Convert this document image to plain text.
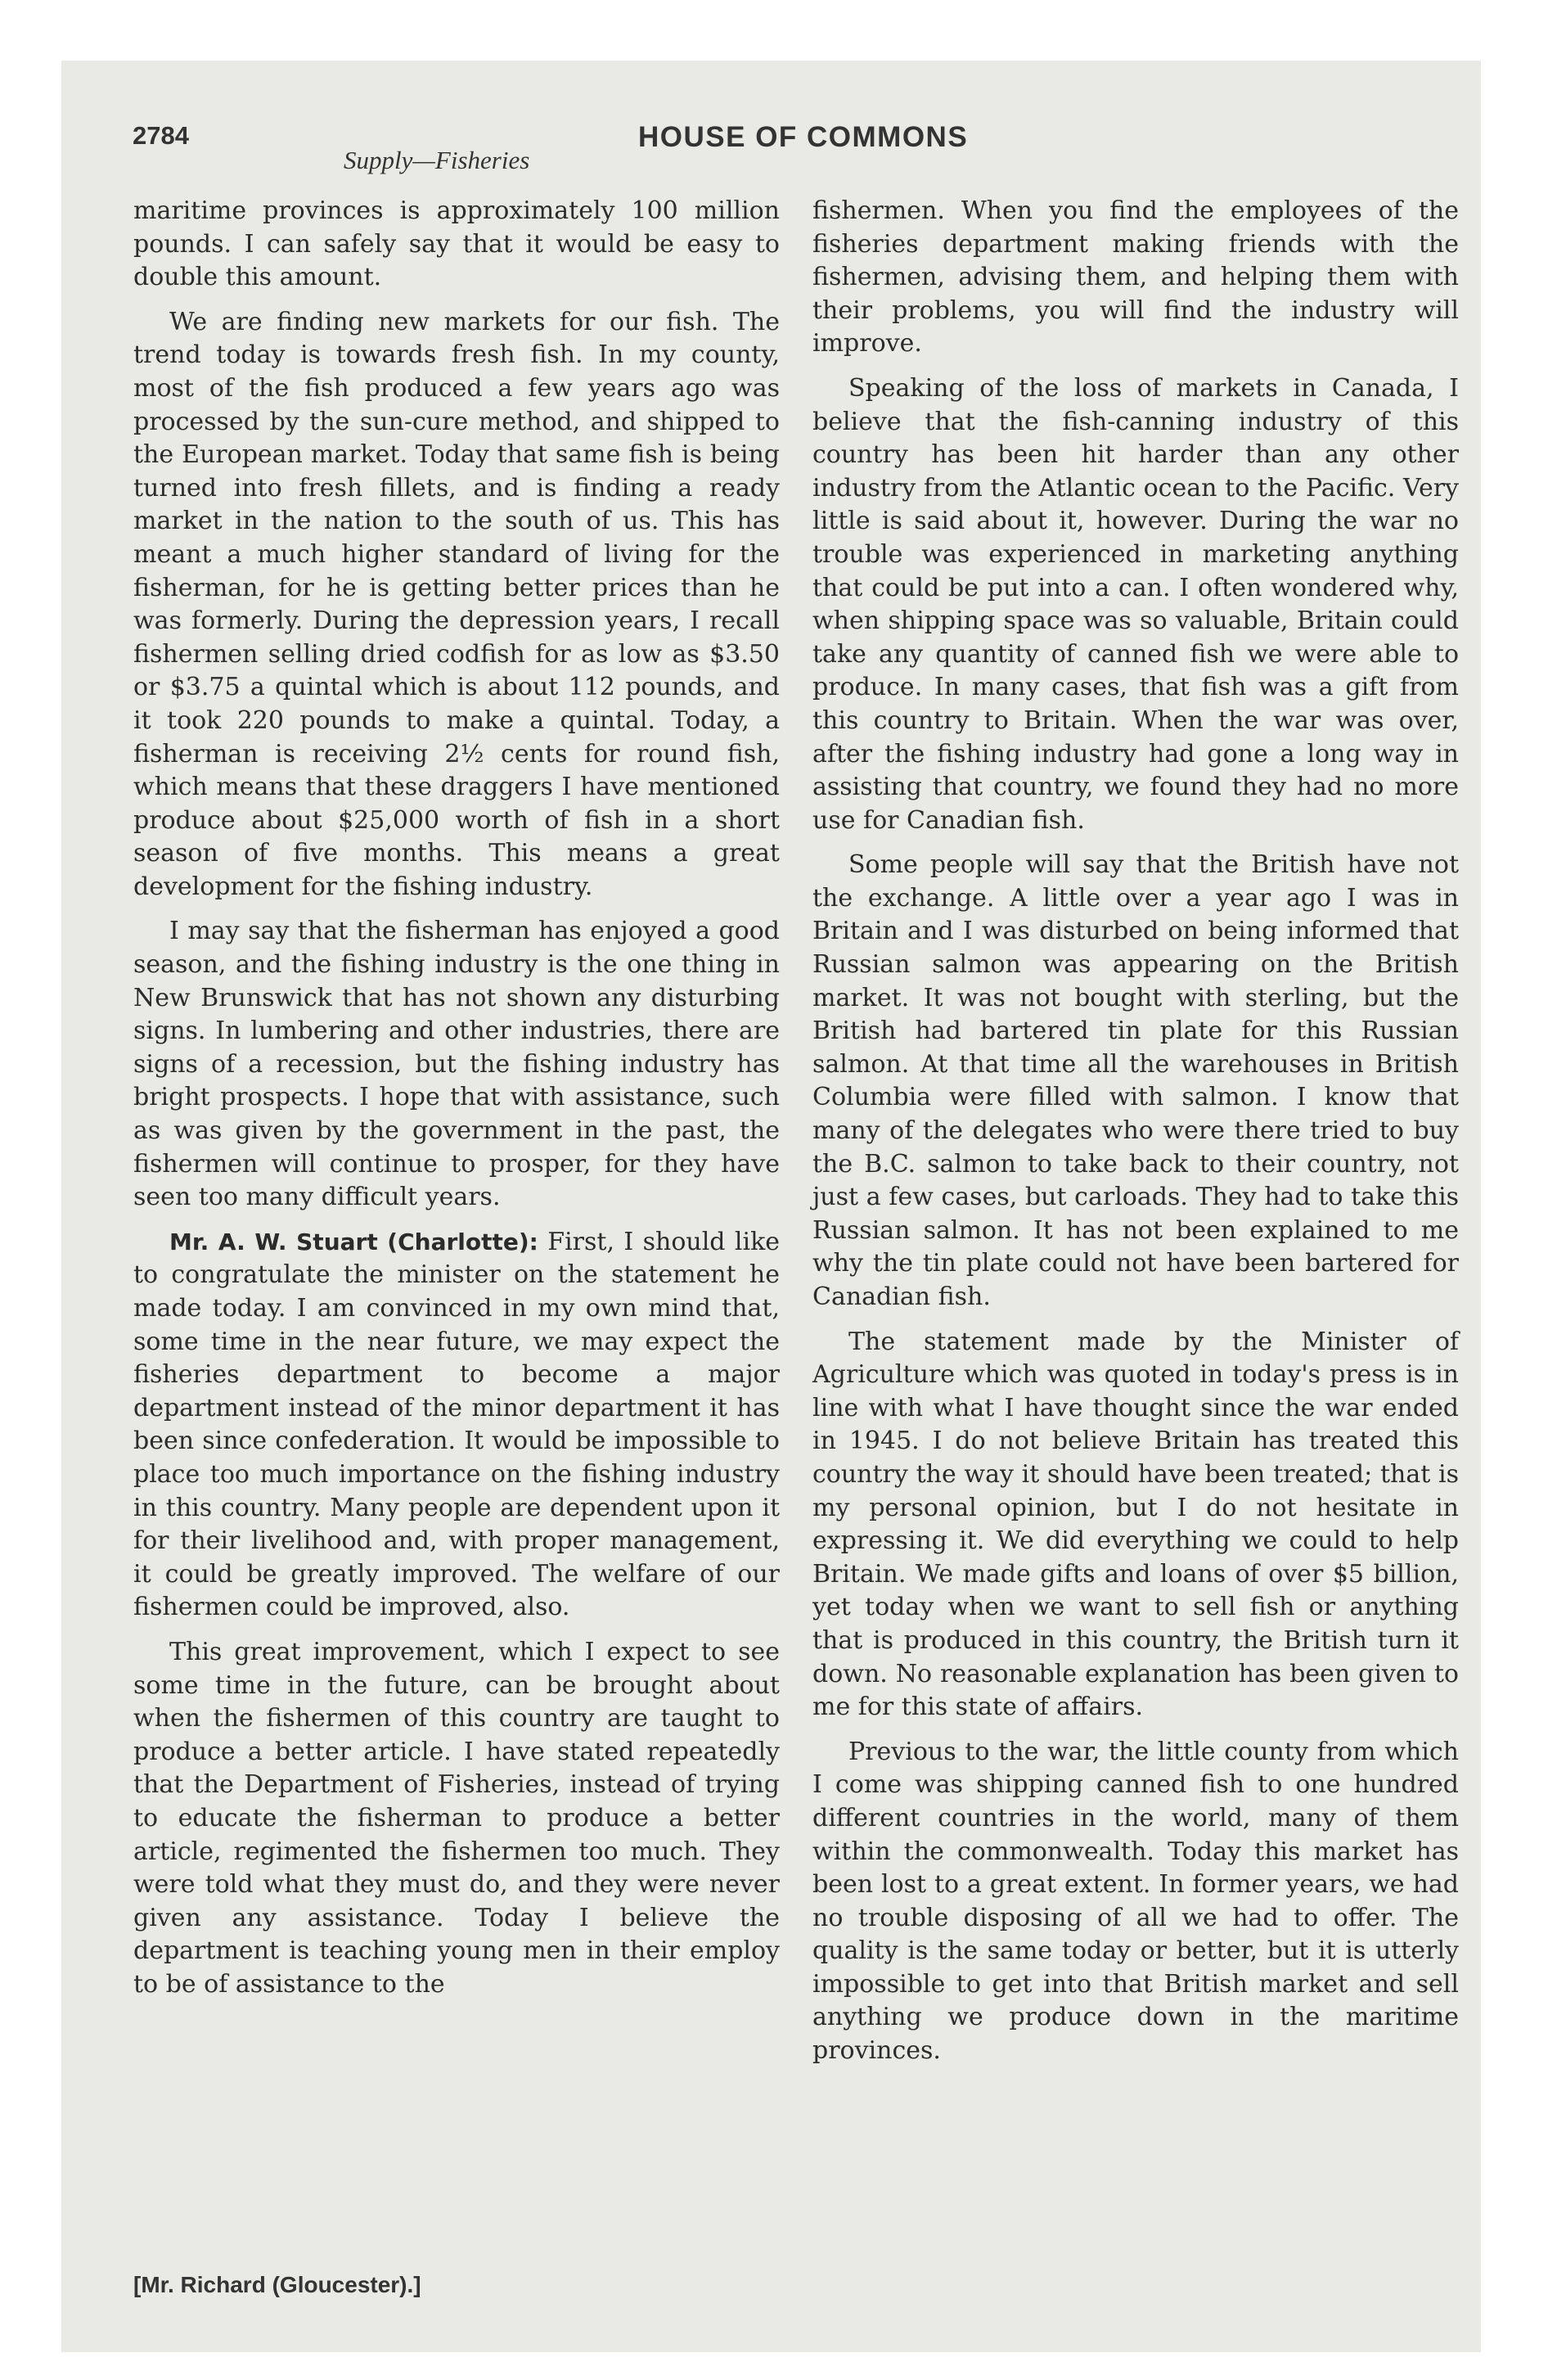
2784	HOUSE OF COMMONS
Supply—Fisheries

maritime provinces is approximately 100 million pounds. I can safely say that it would be easy to double this amount.

We are finding new markets for our fish. The trend today is towards fresh fish. In my county, most of the fish produced a few years ago was processed by the sun-cure method, and shipped to the European market. Today that same fish is being turned into fresh fillets, and is finding a ready market in the nation to the south of us. This has meant a much higher standard of living for the fisherman, for he is getting better prices than he was formerly. During the depression years, I recall fishermen selling dried codfish for as low as $3.50 or $3.75 a quintal which is about 112 pounds, and it took 220 pounds to make a quintal. Today, a fisherman is receiving 2½ cents for round fish, which means that these draggers I have mentioned produce about $25,000 worth of fish in a short season of five months. This means a great development for the fishing industry.

I may say that the fisherman has enjoyed a good season, and the fishing industry is the one thing in New Brunswick that has not shown any disturbing signs. In lumbering and other industries, there are signs of a recession, but the fishing industry has bright prospects. I hope that with assistance, such as was given by the government in the past, the fishermen will continue to prosper, for they have seen too many difficult years.

Mr. A. W. Stuart (Charlotte): First, I should like to congratulate the minister on the statement he made today. I am convinced in my own mind that, some time in the near future, we may expect the fisheries department to become a major department instead of the minor department it has been since confederation. It would be impossible to place too much importance on the fishing industry in this country. Many people are dependent upon it for their livelihood and, with proper management, it could be greatly improved. The welfare of our fishermen could be improved, also.

This great improvement, which I expect to see some time in the future, can be brought about when the fishermen of this country are taught to produce a better article. I have stated repeatedly that the Department of Fisheries, instead of trying to educate the fisherman to produce a better article, regimented the fishermen too much. They were told what they must do, and they were never given any assistance. Today I believe the department is teaching young men in their employ to be of assistance to the

fishermen. When you find the employees of the fisheries department making friends with the fishermen, advising them, and helping them with their problems, you will find the industry will improve.

Speaking of the loss of markets in Canada, I believe that the fish-canning industry of this country has been hit harder than any other industry from the Atlantic ocean to the Pacific. Very little is said about it, however. During the war no trouble was experienced in marketing anything that could be put into a can. I often wondered why, when shipping space was so valuable, Britain could take any quantity of canned fish we were able to produce. In many cases, that fish was a gift from this country to Britain. When the war was over, after the fishing industry had gone a long way in assisting that country, we found they had no more use for Canadian fish.

Some people will say that the British have not the exchange. A little over a year ago I was in Britain and I was disturbed on being informed that Russian salmon was appearing on the British market. It was not bought with sterling, but the British had bartered tin plate for this Russian salmon. At that time all the warehouses in British Columbia were filled with salmon. I know that many of the delegates who were there tried to buy the B.C. salmon to take back to their country, not just a few cases, but carloads. They had to take this Russian salmon. It has not been explained to me why the tin plate could not have been bartered for Canadian fish.

The statement made by the Minister of Agriculture which was quoted in today's press is in line with what I have thought since the war ended in 1945. I do not believe Britain has treated this country the way it should have been treated; that is my personal opinion, but I do not hesitate in expressing it. We did everything we could to help Britain. We made gifts and loans of over $5 billion, yet today when we want to sell fish or anything that is produced in this country, the British turn it down. No reasonable explanation has been given to me for this state of affairs.

Previous to the war, the little county from which I come was shipping canned fish to one hundred different countries in the world, many of them within the commonwealth. Today this market has been lost to a great extent. In former years, we had no trouble disposing of all we had to offer. The quality is the same today or better, but it is utterly impossible to get into that British market and sell anything we produce down in the maritime provinces.

[Mr. Richard (Gloucester).]
